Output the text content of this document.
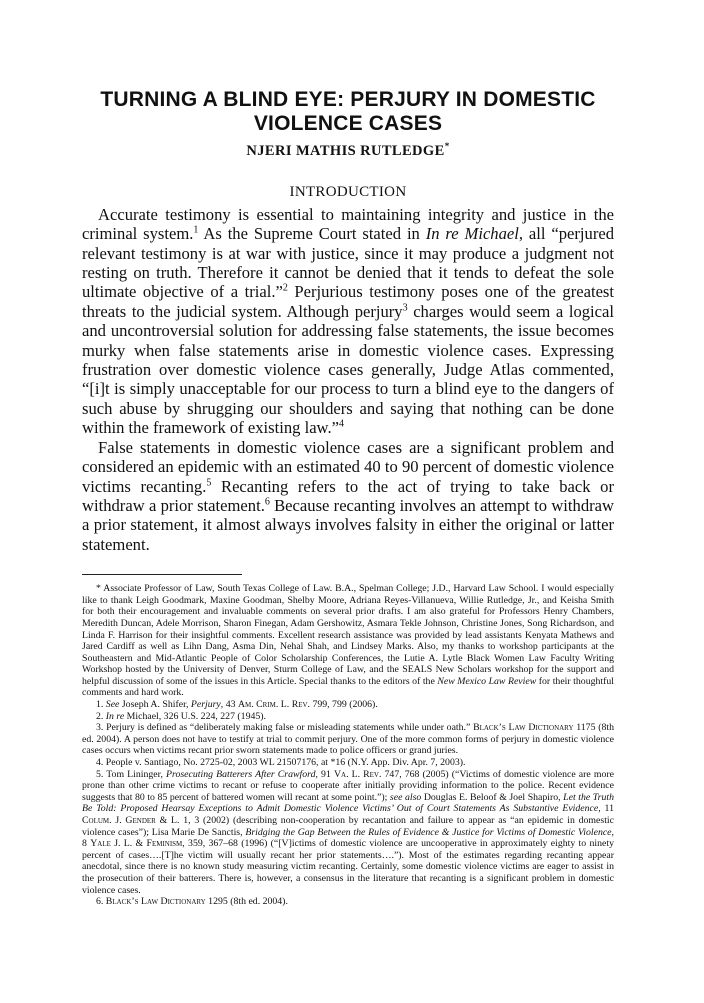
TURNING A BLIND EYE: PERJURY IN DOMESTIC
VIOLENCE CASES
NJERI MATHIS RUTLEDGE*
INTRODUCTION

Accurate testimony is essential to maintaining integrity and justice in the criminal system.$^1$ As the Supreme Court stated in In re Michael, all “perjured relevant testimony is at war with justice, since it may produce a judgment not resting on truth. Therefore it cannot be denied that it tends to defeat the sole ultimate objective of a trial.”$^2$ Perjurious testimony poses one of the greatest threats to the judicial system. Although perjury$^3$ charges would seem a logical and uncontroversial solution for addressing false statements, the issue becomes murky when false statements arise in domestic violence cases. Expressing frustration over domestic violence cases generally, Judge Atlas commented, “[i]t is simply unacceptable for our process to turn a blind eye to the dangers of such abuse by shrugging our shoulders and saying that nothing can be done within the framework of existing law.”$^4$

False statements in domestic violence cases are a significant problem and considered an epidemic with an estimated 40 to 90 percent of domestic violence victims recanting.$^5$ Recanting refers to the act of trying to take back or withdraw a prior statement.$^6$ Because recanting involves an attempt to withdraw a prior statement, it almost always involves falsity in either the original or latter statement.

* Associate Professor of Law, South Texas College of Law. B.A., Spelman College; J.D., Harvard Law School. I would especially like to thank Leigh Goodmark, Maxine Goodman, Shelby Moore, Adriana Reyes-Villanueva, Willie Rutledge, Jr., and Keisha Smith for both their encouragement and invaluable comments on several prior drafts. I am also grateful for Professors Henry Chambers, Meredith Duncan, Adele Morrison, Sharon Finegan, Adam Gershowitz, Asmara Tekle Johnson, Christine Jones, Song Richardson, and Linda F. Harrison for their insightful comments. Excellent research assistance was provided by lead assistants Kenyata Mathews and Jared Cardiff as well as Lihn Dang, Asma Din, Nehal Shah, and Lindsey Marks. Also, my thanks to workshop participants at the Southeastern and Mid-Atlantic People of Color Scholarship Conferences, the Lutie A. Lytle Black Women Law Faculty Writing Workshop hosted by the University of Denver, Sturm College of Law, and the SEALS New Scholars workshop for the support and helpful discussion of some of the issues in this Article. Special thanks to the editors of the New Mexico Law Review for their thoughtful comments and hard work.

1. See Joseph A. Shifer, Perjury, 43 Am. Crim. L. Rev. 799, 799 (2006).

2. In re Michael, 326 U.S. 224, 227 (1945).

3. Perjury is defined as “deliberately making false or misleading statements while under oath.” Black’s Law Dictionary 1175 (8th ed. 2004). A person does not have to testify at trial to commit perjury. One of the more common forms of perjury in domestic violence cases occurs when victims recant prior sworn statements made to police officers or grand juries.

4. People v. Santiago, No. 2725-02, 2003 WL 21507176, at *16 (N.Y. App. Div. Apr. 7, 2003).

5. Tom Lininger, Prosecuting Batterers After Crawford, 91 Va. L. Rev. 747, 768 (2005) (“Victims of domestic violence are more prone than other crime victims to recant or refuse to cooperate after initially providing information to the police. Recent evidence suggests that 80 to 85 percent of battered women will recant at some point.”); see also Douglas E. Beloof & Joel Shapiro, Let the Truth Be Told: Proposed Hearsay Exceptions to Admit Domestic Violence Victims’ Out of Court Statements As Substantive Evidence, 11 Colum. J. Gender & L. 1, 3 (2002) (describing non-cooperation by recantation and failure to appear as “an epidemic in domestic violence cases”); Lisa Marie De Sanctis, Bridging the Gap Between the Rules of Evidence & Justice for Victims of Domestic Violence, 8 Yale J. L. & Feminism, 359, 367–68 (1996) (“[V]ictims of domestic violence are uncooperative in approximately eighty to ninety percent of cases….[T]he victim will usually recant her prior statements….”). Most of the estimates regarding recanting appear anecdotal, since there is no known study measuring victim recanting. Certainly, some domestic violence victims are eager to assist in the prosecution of their batterers. There is, however, a consensus in the literature that recanting is a significant problem in domestic violence cases.

6. Black’s Law Dictionary 1295 (8th ed. 2004).
